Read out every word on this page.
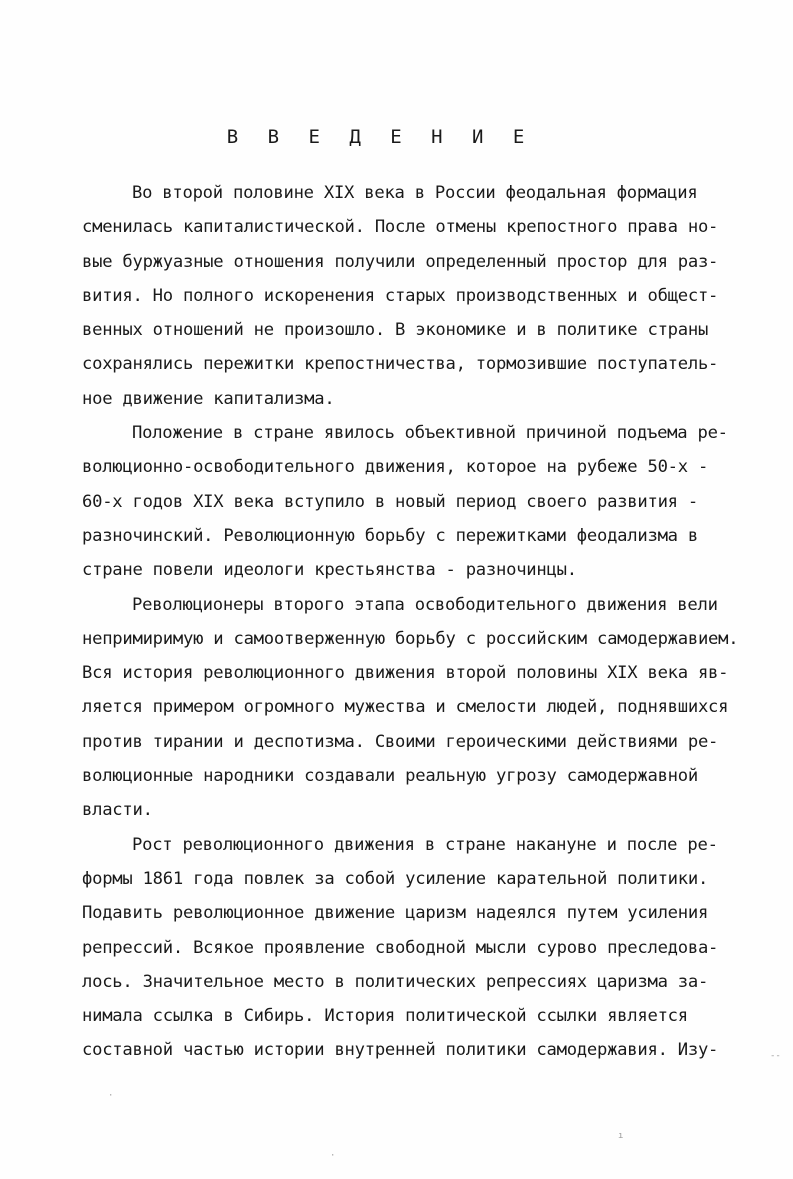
В В Е Д Е Н И Е
Во второй половине XIX века в России феодальная формация
сменилась капиталистической. После отмены крепостного права но-
вые буржуазные отношения получили определенный простор для раз-
вития. Но полного искоренения старых производственных и общест-
венных отношений не произошло. В экономике и в политике страны
сохранялись пережитки крепостничества, тормозившие поступатель-
ное движение капитализма.
Положение в стране явилось объективной причиной подъема ре-
волюционно-освободительного движения, которое на рубеже 50-х -
60-х годов XIX века вступило в новый период своего развития -
разночинский. Революционную борьбу с пережитками феодализма в
стране повели идеологи крестьянства - разночинцы.
Революционеры второго этапа освободительного движения вели
непримиримую и самоотверженную борьбу с российским самодержавием.
Вся история революционного движения второй половины XIX века яв-
ляется примером огромного мужества и смелости людей, поднявшихся
против тирании и деспотизма. Своими героическими действиями ре-
волюционные народники создавали реальную угрозу самодержавной
власти.
Рост революционного движения в стране накануне и после ре-
формы 1861 года повлек за собой усиление карательной политики.
Подавить революционное движение царизм надеялся путем усиления
репрессий. Всякое проявление свободной мысли сурово преследова-
лось. Значительное место в политических репрессиях царизма за-
нимала ссылка в Сибирь. История политической ссылки является
составной частью истории внутренней политики самодержавия. Изу-	‐‐
ı
·
·
